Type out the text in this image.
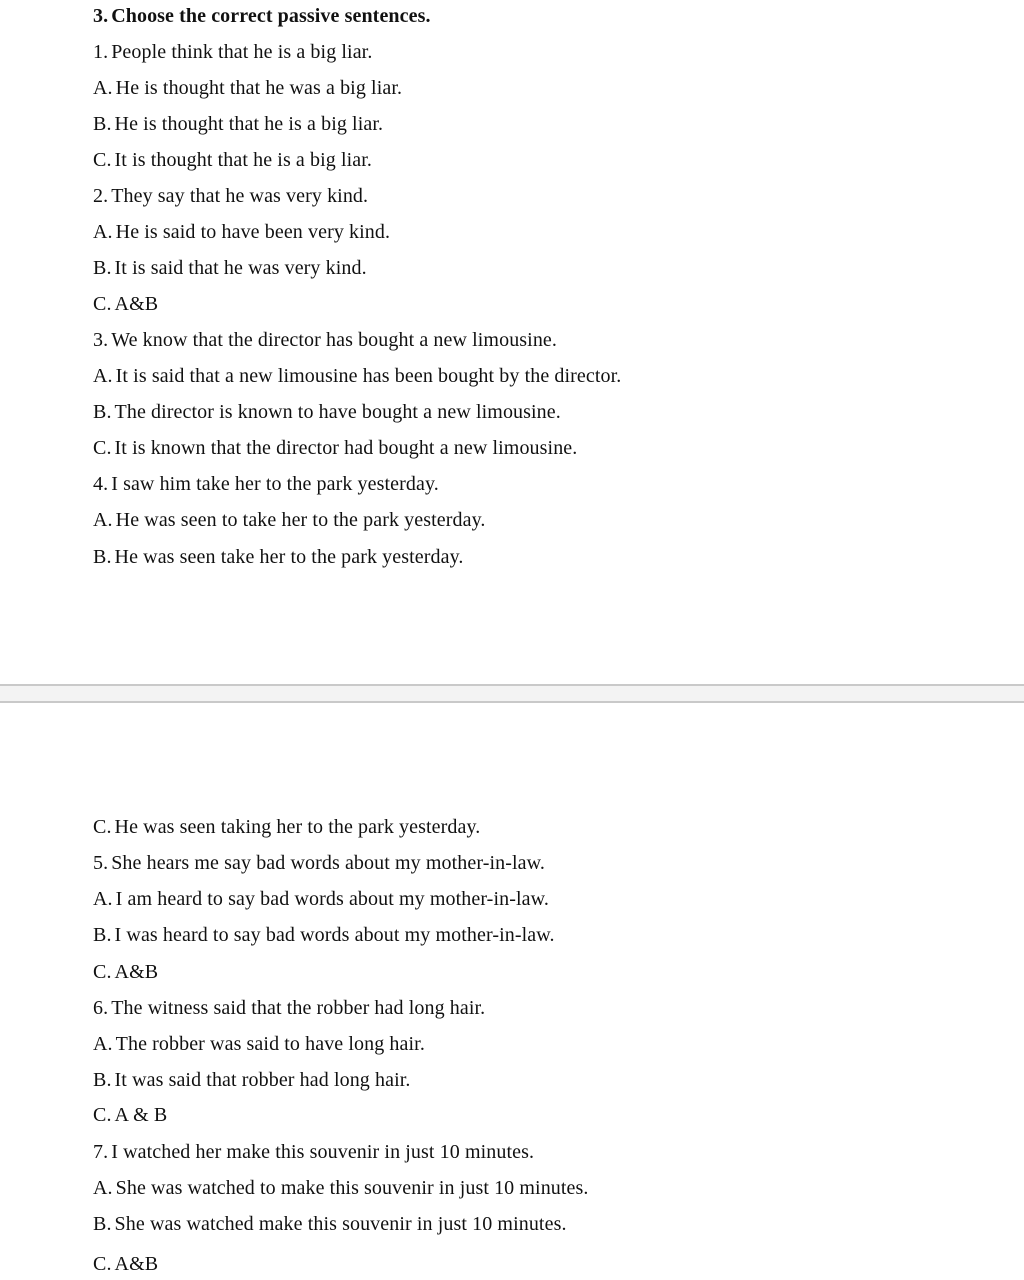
3. Choose the correct passive sentences.
1. People think that he is a big liar.
A. He is thought that he was a big liar.
B. He is thought that he is a big liar.
C. It is thought that he is a big liar.
2. They say that he was very kind.
A. He is said to have been very kind.
B. It is said that he was very kind.
C. A&B
3. We know that the director has bought a new limousine.
A. It is said that a new limousine has been bought by the director.
B. The director is known to have bought a new limousine.
C. It is known that the director had bought a new limousine.
4. I saw him take her to the park yesterday.
A. He was seen to take her to the park yesterday.
B. He was seen take her to the park yesterday.
C. He was seen taking her to the park yesterday.
5. She hears me say bad words about my mother-in-law.
A. I am heard to say bad words about my mother-in-law.
B. I was heard to say bad words about my mother-in-law.
C. A&B
6. The witness said that the robber had long hair.
A. The robber was said to have long hair.
B. It was said that robber had long hair.
C. A & B
7. I watched her make this souvenir in just 10 minutes.
A. She was watched to make this souvenir in just 10 minutes.
B. She was watched make this souvenir in just 10 minutes.
C. A&B
